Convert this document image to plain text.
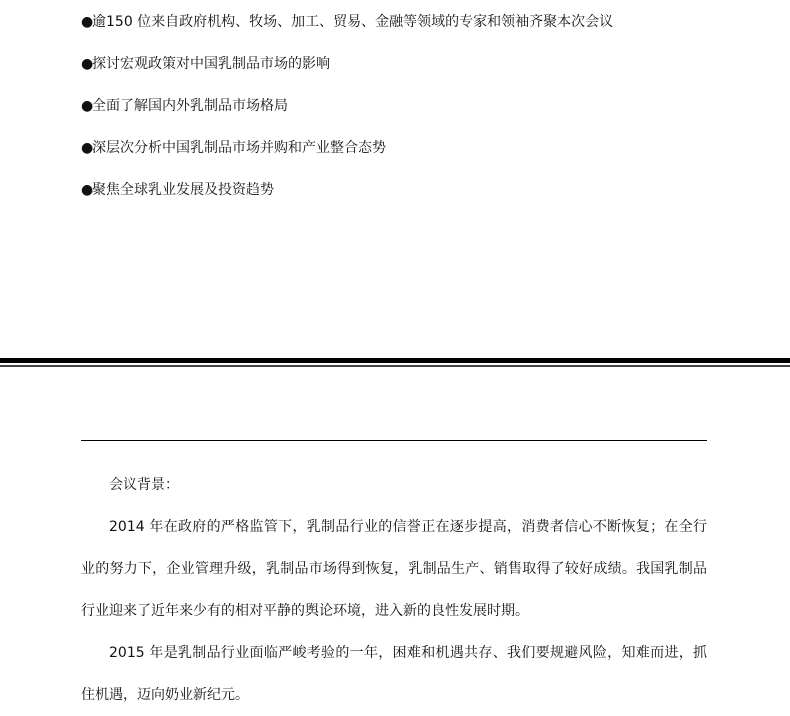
●逾150 位来自政府机构、牧场、加工、贸易、金融等领域的专家和领袖齐聚本次会议
●探讨宏观政策对中国乳制品市场的影响
●全面了解国内外乳制品市场格局
●深层次分析中国乳制品市场并购和产业整合态势
●聚焦全球乳业发展及投资趋势
会议背景：

2014 年在政府的严格监管下，乳制品行业的信誉正在逐步提高，消费者信心不断恢复；在全行业的努力下，企业管理升级，乳制品市场得到恢复，乳制品生产、销售取得了较好成绩。我国乳制品行业迎来了近年来少有的相对平静的舆论环境，进入新的良性发展时期。

2015 年是乳制品行业面临严峻考验的一年，困难和机遇共存、我们要规避风险，知难而进，抓住机遇，迈向奶业新纪元。
